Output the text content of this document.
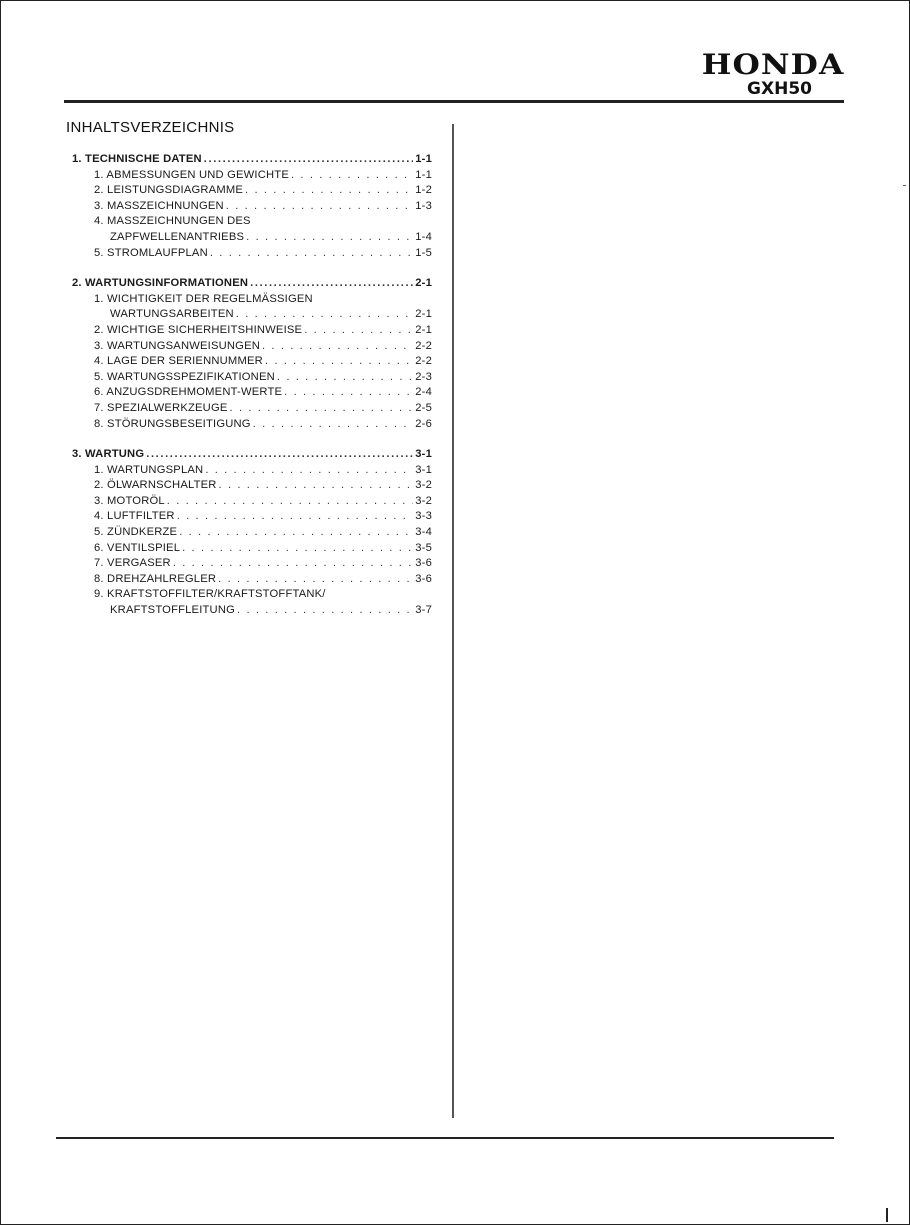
HONDA
GXH50
INHALTSVERZEICHNIS
1. TECHNISCHE DATEN .....	1-1
1. ABMESSUNGEN UND GEWICHTE . . .	1-1
2. LEISTUNGSDIAGRAMME . . .	1-2
3. MASSZEICHNUNGEN . . .	1-3
4. MASSZEICHNUNGEN DES
ZAPFWELLENANTRIEBS . . .	1-4
5. STROMLAUFPLAN . . .	1-5
2. WARTUNGSINFORMATIONEN .....	2-1
1. WICHTIGKEIT DER REGELMÄSSIGEN
WARTUNGSARBEITEN . . .	2-1
2. WICHTIGE SICHERHEITSHINWEISE . . .	2-1
3. WARTUNGSANWEISUNGEN . . .	2-2
4. LAGE DER SERIENNUMMER . . .	2-2
5. WARTUNGSSPEZIFIKATIONEN . . .	2-3
6. ANZUGSDREHMOMENT-WERTE . . .	2-4
7. SPEZIALWERKZEUGE . . .	2-5
8. STÖRUNGSBESEITIGUNG . . .	2-6
3. WARTUNG .....	3-1
1. WARTUNGSPLAN . . .	3-1
2. ÖLWARNSCHALTER . . .	3-2
3. MOTORÖL . . .	3-2
4. LUFTFILTER . . .	3-3
5. ZÜNDKERZE . . .	3-4
6. VENTILSPIEL . . .	3-5
7. VERGASER . . .	3-6
8. DREHZAHLREGLER . . .	3-6
9. KRAFTSTOFFILTER/KRAFTSTOFFTANK/
KRAFTSTOFFLEITUNG . . .	3-7
